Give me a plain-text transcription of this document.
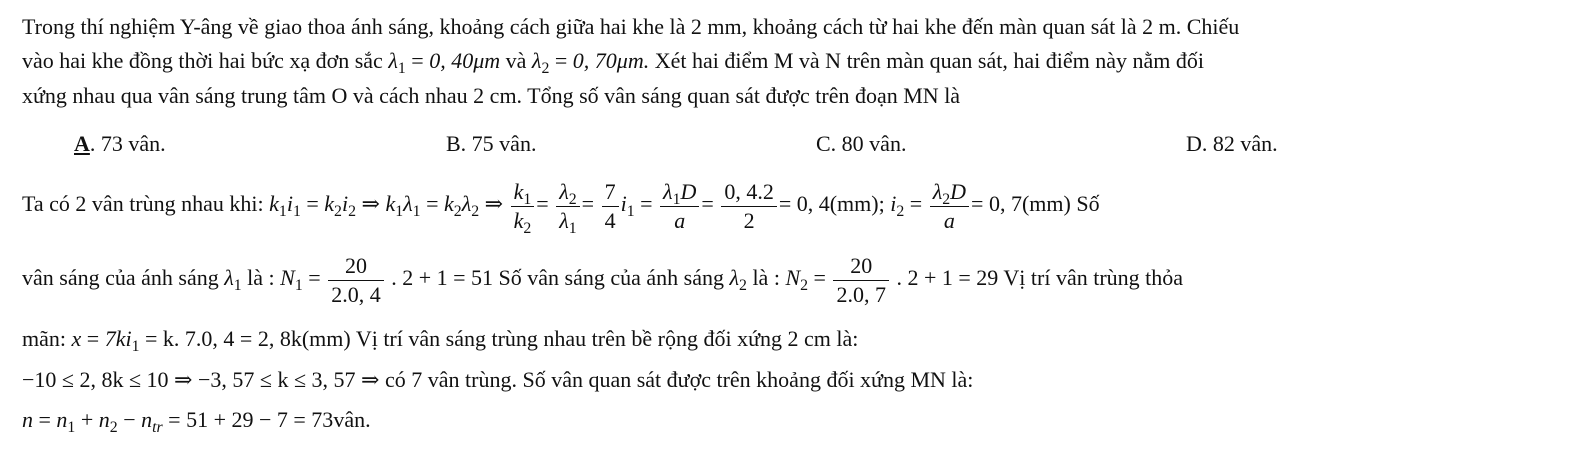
Trong thí nghiệm Y-âng về giao thoa ánh sáng, khoảng cách giữa hai khe là 2 mm, khoảng cách từ hai khe đến màn quan sát là 2 m. Chiếu
vào hai khe đồng thời hai bức xạ đơn sắc $\lambda_1 = 0$, 40μm và $\lambda_2 = 0$, 70μm. Xét hai điểm M và N trên màn quan sát, hai điểm này nằm đối
xứng nhau qua vân sáng trung tâm O và cách nhau 2 cm. Tổng số vân sáng quan sát được trên đoạn MN là
A. 73 vân.	B. 75 vân.	C. 80 vân.	D. 82 vân.
Ta có 2 vân trùng nhau khi: $k_1i_1 = k_2i_2$ ⇒ $k_1\lambda_1 = k_2\lambda_2$ ⇒ $\frac{k_1}{k_2} = \frac{\lambda_2}{\lambda_1} = \frac{7}{4} i_1 = \frac{\lambda_1D}{a} = \frac{0, 4.2}{2} = 0$, 4(mm); $i_2 = \frac{\lambda_2D}{a} = 0$, 7(mm) Số
vân sáng của ánh sáng $\lambda_1$ là : $N_1 = \frac{20}{2.0, 4}$ . 2 + 1 = 51 Số vân sáng của ánh sáng $\lambda_2$ là : $N_2 = \frac{20}{2.0, 7}$ . 2 + 1 = 29 Vị trí vân trùng thỏa
mãn: $x = 7ki_1 = k$. 7.0, 4 = 2, 8k(mm) Vị trí vân sáng trùng nhau trên bề rộng đối xứng 2 cm là:
−10 ≤ 2, 8k ≤ 10 ⇒ −3, 57 ≤ k ≤ 3, 57 ⇒ có 7 vân trùng. Số vân quan sát được trên khoảng đối xứng MN là:
$n = n_1 + n_2 - n_{tr} = 51 + 29 - 7$ = 73vân.
